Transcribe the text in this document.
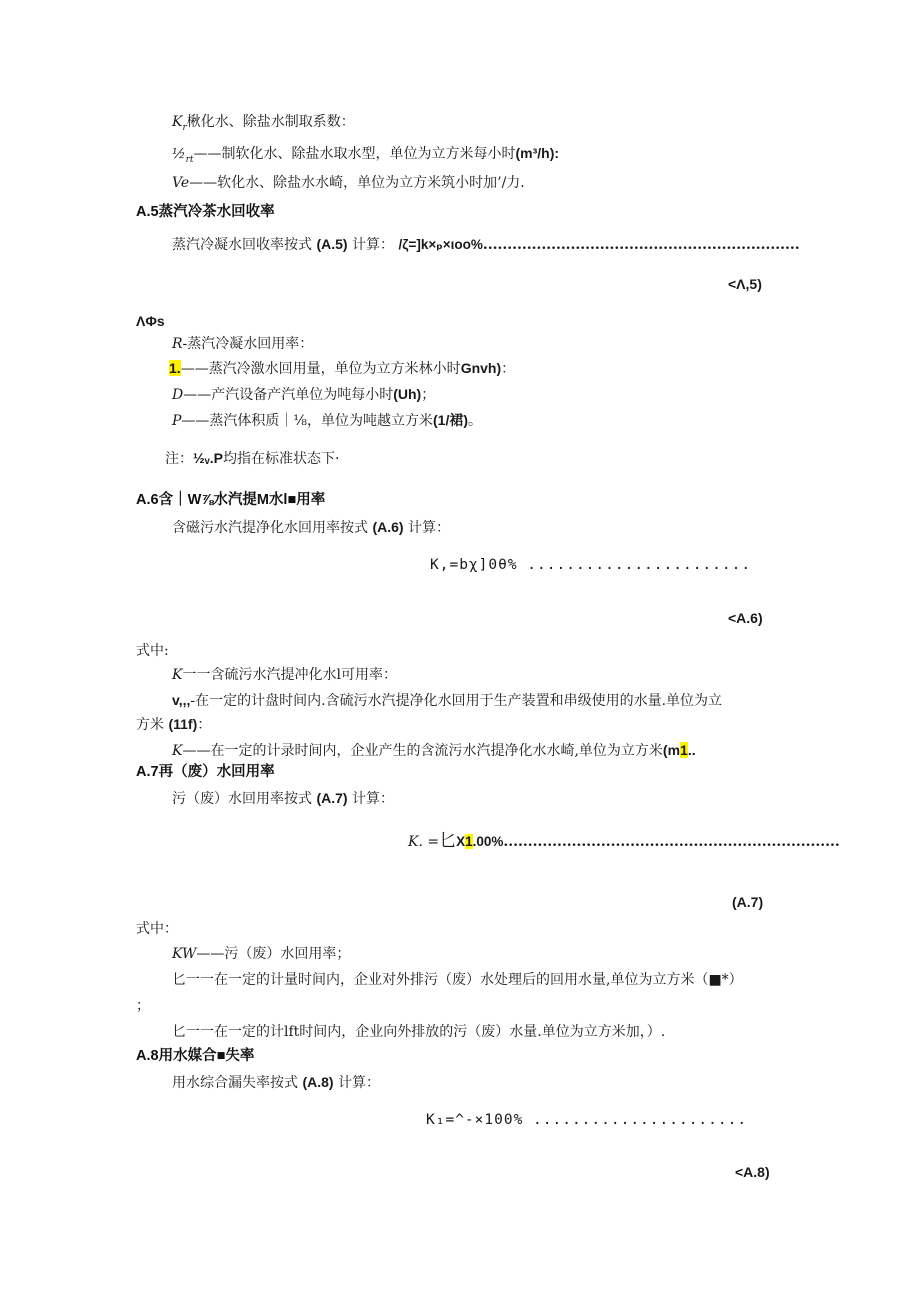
$K_r$楸化水、除盐水制取系数：
$\frac{1}{2}_{rt}——$制软化水、除盐水取水型，单位为立方米每小时(m³/h):
Ve——软化水、除盐水水崎，单位为立方米筑小时加’/力.
A.5蒸汽冷茶水回收率
蒸汽冷凝水回收率按式 (A.5) 计算： /ζ=]k×ₚ×ιoo%.................................................................
<Λ,5)
ΛΦs
R-蒸汽冷凝水回用率：
1.——蒸汽冷激水回用量，单位为立方米林小时Gnvh)：
D——产汽设备产汽单位为吨每小时(Uh)；
P——蒸汽体积质｜⅛，单位为吨越立方米(1/裙)。
注：½ᵥ.P均指在标准状态下·
A.6含｜W⅞水汽提M水l■用率
含磁污水汽提净化水回用率按式 (A.6) 计算：
K,=bχ]0θ% .......................
<A.6)
式中:
K一一含硫污水汽提冲化水l可用率：
v,,,-在一定的计盘时间内.含硫污水汽提净化水回用于生产装置和串级使用的水量.单位为立
方米 (11f)：
K——在一定的计录时间内，企业产生的含流污水汽提净化水水崎,单位为立方米(m1..
A.7再（废）水回用率
污（废）水回用率按式 (A.7) 计算：
K. =匕X1.00%.....................................................................
(A.7)
式中：
KW——污（废）水回用率；
匕一一在一定的计量时间内，企业对外排污（废）水处理后的回用水量,单位为立方米（■*）
；
匕一一在一定的计lft时间内，企业向外排放的污（废）水量.单位为立方米加，）.
A.8用水媒合■失率
用水综合漏失率按式 (A.8) 计算：
K₁=^-×100% ......................
<A.8)
